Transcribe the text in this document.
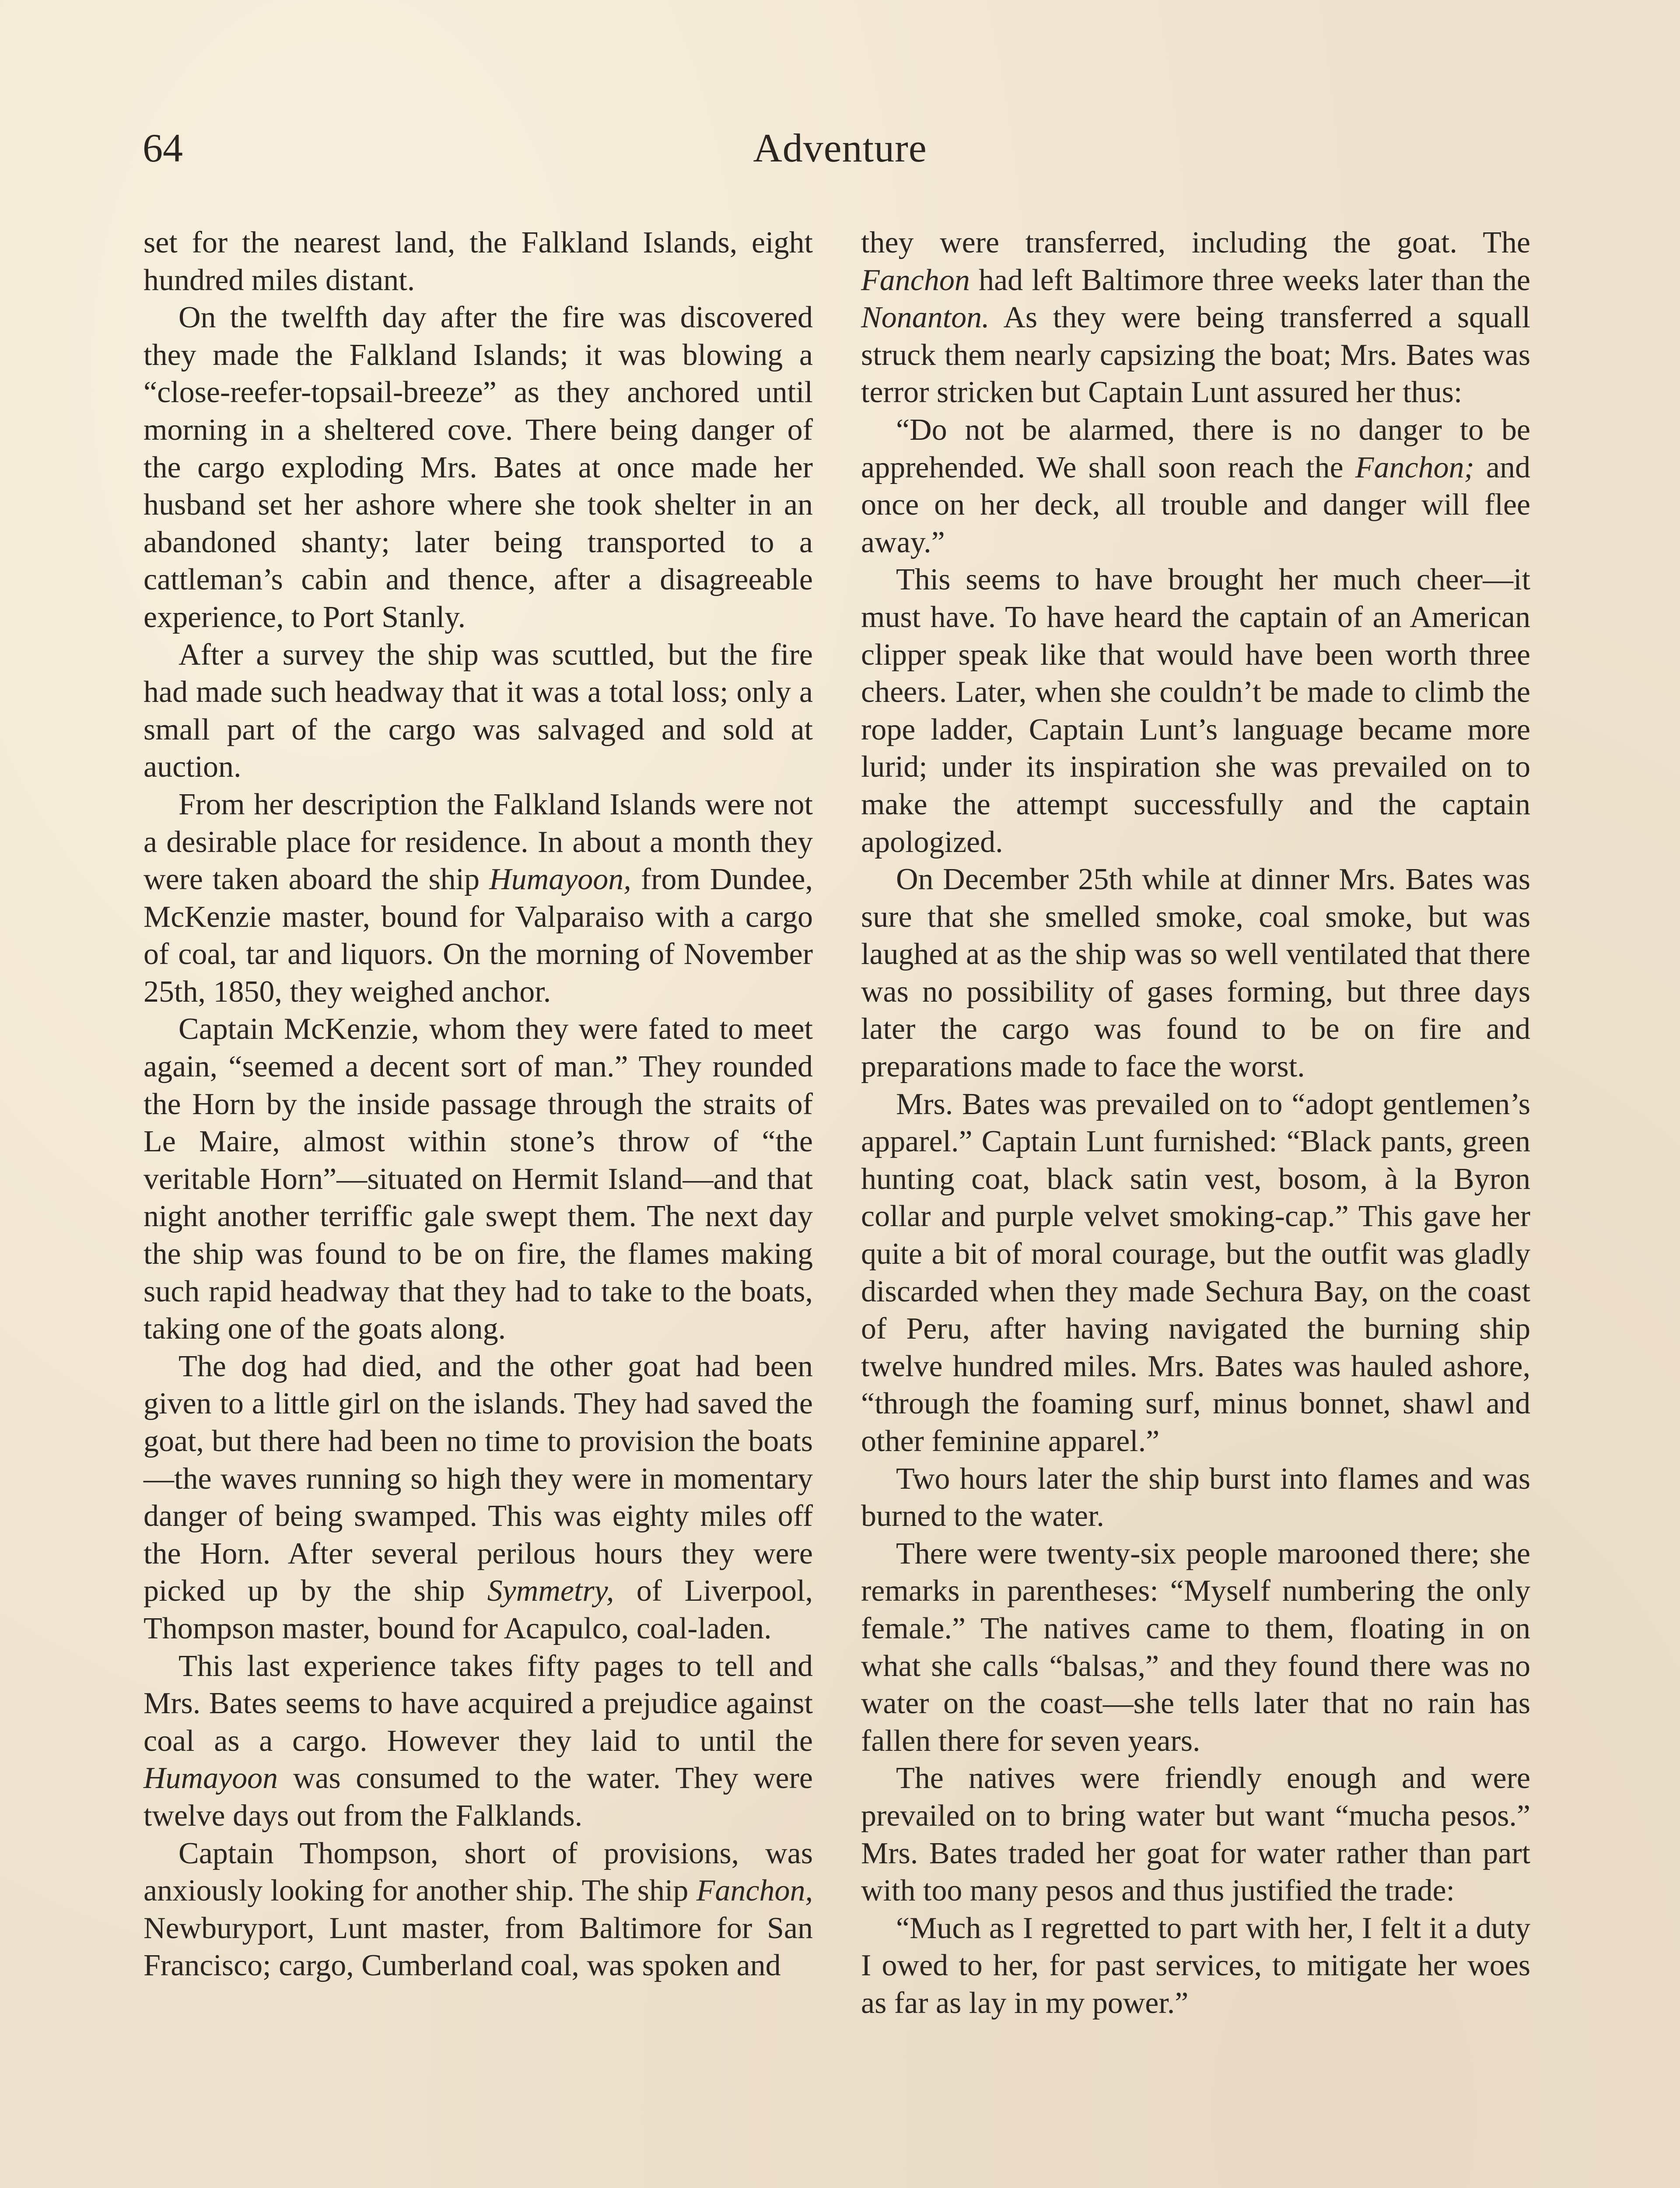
64	Adventure

set for the nearest land, the Falkland Islands, eight hundred miles distant.

On the twelfth day after the fire was discovered they made the Falkland Islands; it was blowing a “close-reefer-topsail-breeze” as they anchored until morning in a sheltered cove. There being danger of the cargo exploding Mrs. Bates at once made her husband set her ashore where she took shelter in an abandoned shanty; later being transported to a cattleman’s cabin and thence, after a disagreeable experience, to Port Stanly.

After a survey the ship was scuttled, but the fire had made such headway that it was a total loss; only a small part of the cargo was salvaged and sold at auction.

From her description the Falkland Islands were not a desirable place for residence. In about a month they were taken aboard the ship Humayoon, from Dundee, McKenzie master, bound for Valparaiso with a cargo of coal, tar and liquors. On the morning of November 25th, 1850, they weighed anchor.

Captain McKenzie, whom they were fated to meet again, “seemed a decent sort of man.” They rounded the Horn by the inside passage through the straits of Le Maire, almost within stone’s throw of “the veritable Horn”—situated on Hermit Island—and that night another terriffic gale swept them. The next day the ship was found to be on fire, the flames making such rapid headway that they had to take to the boats, taking one of the goats along.

The dog had died, and the other goat had been given to a little girl on the islands. They had saved the goat, but there had been no time to provision the boats—the waves running so high they were in momentary danger of being swamped. This was eighty miles off the Horn. After several perilous hours they were picked up by the ship Symmetry, of Liverpool, Thompson master, bound for Acapulco, coal-laden.

This last experience takes fifty pages to tell and Mrs. Bates seems to have acquired a prejudice against coal as a cargo. However they laid to until the Humayoon was consumed to the water. They were twelve days out from the Falklands.

Captain Thompson, short of provisions, was anxiously looking for another ship. The ship Fanchon, Newburyport, Lunt master, from Baltimore for San Francisco; cargo, Cumberland coal, was spoken and

they were transferred, including the goat. The Fanchon had left Baltimore three weeks later than the Nonanton. As they were being transferred a squall struck them nearly capsizing the boat; Mrs. Bates was terror stricken but Captain Lunt assured her thus:

“Do not be alarmed, there is no danger to be apprehended. We shall soon reach the Fanchon; and once on her deck, all trouble and danger will flee away.”

This seems to have brought her much cheer—it must have. To have heard the captain of an American clipper speak like that would have been worth three cheers. Later, when she couldn’t be made to climb the rope ladder, Captain Lunt’s language became more lurid; under its inspiration she was prevailed on to make the attempt successfully and the captain apologized.

On December 25th while at dinner Mrs. Bates was sure that she smelled smoke, coal smoke, but was laughed at as the ship was so well ventilated that there was no possibility of gases forming, but three days later the cargo was found to be on fire and preparations made to face the worst.

Mrs. Bates was prevailed on to “adopt gentlemen’s apparel.” Captain Lunt furnished: “Black pants, green hunting coat, black satin vest, bosom, à la Byron collar and purple velvet smoking-cap.” This gave her quite a bit of moral courage, but the outfit was gladly discarded when they made Sechura Bay, on the coast of Peru, after having navigated the burning ship twelve hundred miles. Mrs. Bates was hauled ashore, “through the foaming surf, minus bonnet, shawl and other feminine apparel.”

Two hours later the ship burst into flames and was burned to the water.

There were twenty-six people marooned there; she remarks in parentheses: “Myself numbering the only female.” The natives came to them, floating in on what she calls “balsas,” and they found there was no water on the coast—she tells later that no rain has fallen there for seven years.

The natives were friendly enough and were prevailed on to bring water but want “mucha pesos.” Mrs. Bates traded her goat for water rather than part with too many pesos and thus justified the trade:

“Much as I regretted to part with her, I felt it a duty I owed to her, for past services, to mitigate her woes as far as lay in my power.”
